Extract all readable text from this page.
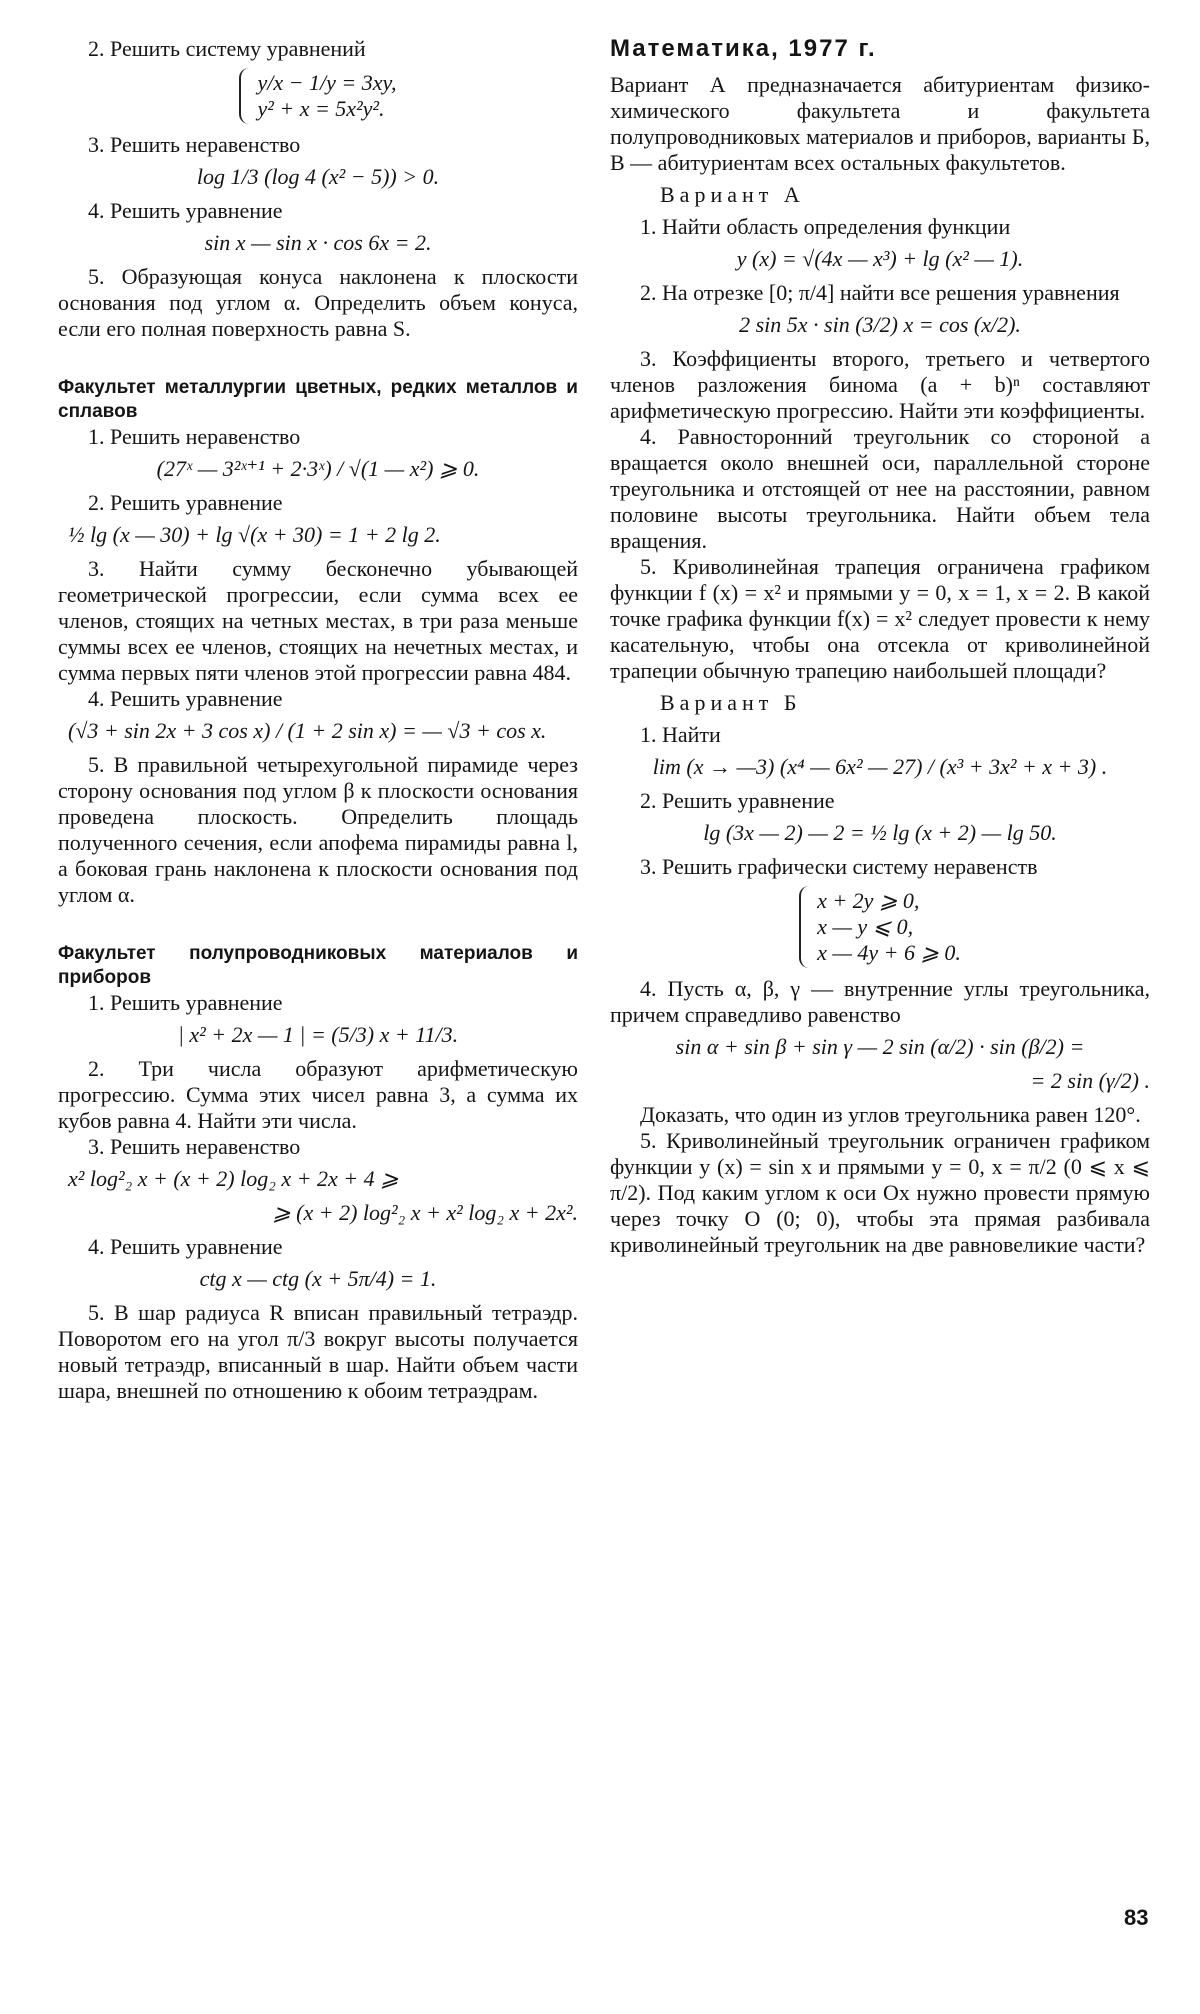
2. Решить систему уравнений

y/x − 1/y = 3xy,
y² + x = 5x²y².

3. Решить неравенство

log 1/3 (log 4 (x² − 5)) > 0.

4. Решить уравнение

sin x — sin x · cos 6x = 2.

5. Образующая конуса наклонена к плоскости основания под углом α. Определить объем конуса, если его полная поверхность равна S.

Факультет металлургии цветных, редких металлов и сплавов

1. Решить неравенство

(27ˣ — 3²ˣ⁺¹ + 2·3ˣ) / √(1 — x²) ⩾ 0.

2. Решить уравнение

½ lg (x — 30) + lg √(x + 30) = 1 + 2 lg 2.

3. Найти сумму бесконечно убывающей геометрической прогрессии, если сумма всех ее членов, стоящих на четных местах, в три раза меньше суммы всех ее членов, стоящих на нечетных местах, и сумма первых пяти членов этой прогрессии равна 484.

4. Решить уравнение

(√3 + sin 2x + 3 cos x) / (1 + 2 sin x) = — √3 + cos x.

5. В правильной четырехугольной пирамиде через сторону основания под углом β к плоскости основания проведена плоскость. Определить площадь полученного сечения, если апофема пирамиды равна l, а боковая грань наклонена к плоскости основания под углом α.

Факультет полупроводниковых материалов и приборов

1. Решить уравнение

| x² + 2x — 1 | = (5/3) x + 11/3.

2. Три числа образуют арифметическую прогрессию. Сумма этих чисел равна 3, а сумма их кубов равна 4. Найти эти числа.

3. Решить неравенство

x² log²₂ x + (x + 2) log₂ x + 2x + 4 ⩾
⩾ (x + 2) log²₂ x + x² log₂ x + 2x².

4. Решить уравнение

ctg x — ctg (x + 5π/4) = 1.

5. В шар радиуса R вписан правильный тетраэдр. Поворотом его на угол π/3 вокруг высоты получается новый тетраэдр, вписанный в шар. Найти объем части шара, внешней по отношению к обоим тетраэдрам.

Математика, 1977 г.

Вариант А предназначается абитуриентам физико-химического факультета и факультета полупроводниковых материалов и приборов, варианты Б, В — абитуриентам всех остальных факультетов.

Вариант А

1. Найти область определения функции

y (x) = √(4x — x³) + lg (x² — 1).

2. На отрезке [0; π/4] найти все решения уравнения

2 sin 5x · sin (3/2) x = cos (x/2).

3. Коэффициенты второго, третьего и четвертого членов разложения бинома (a + b)ⁿ составляют арифметическую прогрессию. Найти эти коэффициенты.

4. Равносторонний треугольник со стороной a вращается около внешней оси, параллельной стороне треугольника и отстоящей от нее на расстоянии, равном половине высоты треугольника. Найти объем тела вращения.

5. Криволинейная трапеция ограничена графиком функции f (x) = x² и прямыми y = 0, x = 1, x = 2. В какой точке графика функции f(x) = x² следует провести к нему касательную, чтобы она отсекла от криволинейной трапеции обычную трапецию наибольшей площади?

Вариант Б

1. Найти

lim (x → —3) (x⁴ — 6x² — 27) / (x³ + 3x² + x + 3) .

2. Решить уравнение

lg (3x — 2) — 2 = ½ lg (x + 2) — lg 50.

3. Решить графически систему неравенств

x + 2y ⩾ 0,
x — y ⩽ 0,
x — 4y + 6 ⩾ 0.

4. Пусть α, β, γ — внутренние углы треугольника, причем справедливо равенство

sin α + sin β + sin γ — 2 sin (α/2) · sin (β/2) =
= 2 sin (γ/2) .

Доказать, что один из углов треугольника равен 120°.

5. Криволинейный треугольник ограничен графиком функции y (x) = sin x и прямыми y = 0, x = π/2 (0 ⩽ x ⩽ π/2). Под каким углом к оси Ox нужно провести прямую через точку O (0; 0), чтобы эта прямая разбивала криволинейный треугольник на две равновеликие части?

83
